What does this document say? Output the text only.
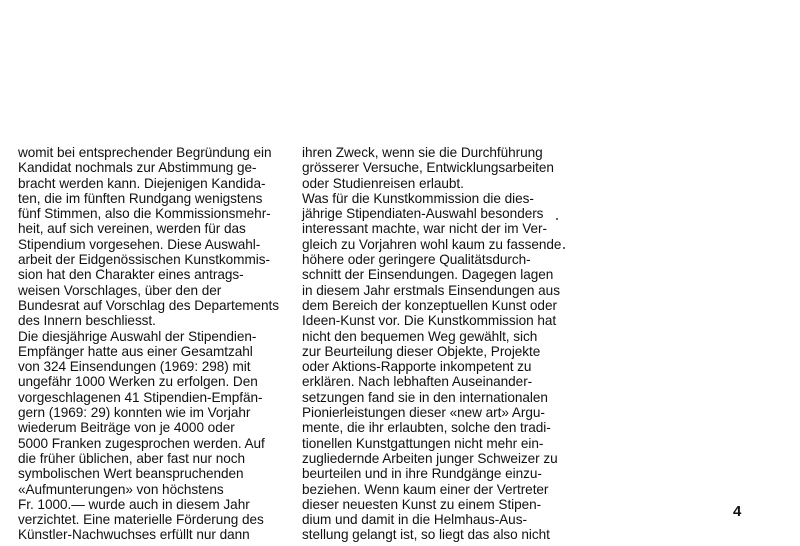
womit bei entsprechender Begründung ein
Kandidat nochmals zur Abstimmung ge-
bracht werden kann. Diejenigen Kandida-
ten, die im fünften Rundgang wenigstens
fünf Stimmen, also die Kommissionsmehr-
heit, auf sich vereinen, werden für das
Stipendium vorgesehen. Diese Auswahl-
arbeit der Eidgenössischen Kunstkommis-
sion hat den Charakter eines antrags-
weisen Vorschlages, über den der
Bundesrat auf Vorschlag des Departements
des Innern beschliesst.
Die diesjährige Auswahl der Stipendien-
Empfänger hatte aus einer Gesamtzahl
von 324 Einsendungen (1969: 298) mit
ungefähr 1000 Werken zu erfolgen. Den
vorgeschlagenen 41 Stipendien-Empfän-
gern (1969: 29) konnten wie im Vorjahr
wiederum Beiträge von je 4000 oder
5000 Franken zugesprochen werden. Auf
die früher üblichen, aber fast nur noch
symbolischen Wert beanspruchenden
«Aufmunterungen» von höchstens
Fr. 1000.— wurde auch in diesem Jahr
verzichtet. Eine materielle Förderung des
Künstler-Nachwuchses erfüllt nur dann
ihren Zweck, wenn sie die Durchführung
grösserer Versuche, Entwicklungsarbeiten
oder Studienreisen erlaubt.
Was für die Kunstkommission die dies-
jährige Stipendiaten-Auswahl besonders
interessant machte, war nicht der im Ver-
gleich zu Vorjahren wohl kaum zu fassende
höhere oder geringere Qualitätsdurch-
schnitt der Einsendungen. Dagegen lagen
in diesem Jahr erstmals Einsendungen aus
dem Bereich der konzeptuellen Kunst oder
Ideen-Kunst vor. Die Kunstkommission hat
nicht den bequemen Weg gewählt, sich
zur Beurteilung dieser Objekte, Projekte
oder Aktions-Rapporte inkompetent zu
erklären. Nach lebhaften Auseinander-
setzungen fand sie in den internationalen
Pionierleistungen dieser «new art» Argu-
mente, die ihr erlaubten, solche den tradi-
tionellen Kunstgattungen nicht mehr ein-
zugliedernde Arbeiten junger Schweizer zu
beurteilen und in ihre Rundgänge einzu-
beziehen. Wenn kaum einer der Vertreter
dieser neuesten Kunst zu einem Stipen-
dium und damit in die Helmhaus-Aus-
stellung gelangt ist, so liegt das also nicht
4
